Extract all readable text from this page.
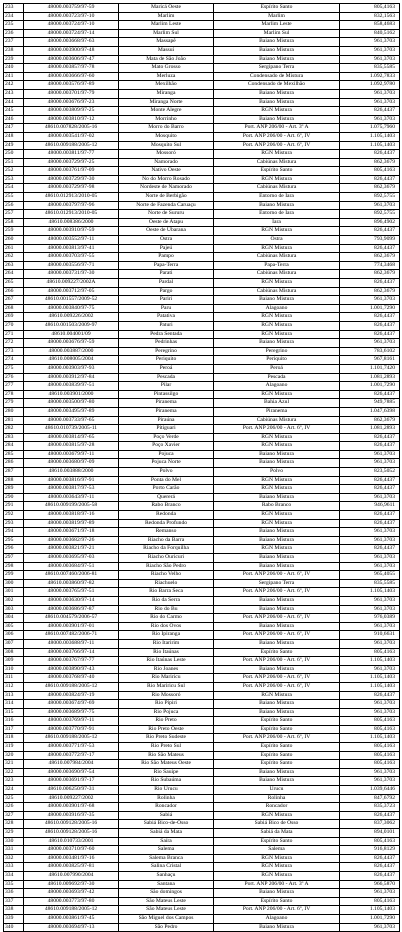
233	48000.003759/97-59	Maricá Oeste	Espírito Santo	805,4163
234	48000.003723/97-10	Marlim	Marlim	832,1563
235	48000.003724/97-10	Marlim Leste	Marlim Leste	858,4683
236	48000.003724/97-14	Marlim Sul	Marlim Sul	840,5162
237	48000.003668/97-63	Massapê	Baiano Mistura	961,3703
238	48000.003900/97-48	Massuí	Baiano Mistura	961,3703
239	48000.003606/97-47	Mata de São João	Baiano Mistura	961,3703
240	48000.003857/97-78	Mato Grosso	Sergipano Terra	835,5585
241	48000.003666/97-60	Merluza	Condensado de Mistura	1.092,7833
242	48000.003576/97-89	Mexilhão	Condensado de Mexilhão	1.092,9780
243	48000.003701/97-79	Miranga	Baiano Mistura	961,3703
244	48000.003676/97-23	Miranga Norte	Baiano Mistura	961,3703
245	48000.003809/97-25	Monte Alegre	RGN Mistura	826,4437
246	48000.003810/97-12	Morrinho	Baiano Mistura	961,3703
247	48610.007828/2005-16	Morro do Barro	Port. ANP 206/00 - Art. 3º A	1.075,7960
248	48000.003541/97-02	Mosquito	Port. ANP 206/00 - Art. 6º, IV	1.105,1403
249	48610.009188/2005-12	Mosquito Sul	Port. ANP 206/00 - Art. 6º, IV	1.105,1403
250	48000.003811/97-77	Mossoró	RGN Mistura	826,4437
251	48000.003729/97-25	Namorado	Cabiúnas Mistura	862,3679
252	48000.003761/97-09	Nativo Oeste	Espírito Santo	805,4163
253	48000.003729/97-30	No do Morro Rosado	RGN Mistura	826,4437
254	48000.003729/97-98	Nordeste de Namorado	Cabiúnas Mistura	862,3679
255	48610.012913/2010-05	Norte de Berbigão	Entorno de Iara	892,5755
256	48000.003797/97-96	Norte de Fazenda Caruaçu	Baiano Mistura	961,3703
257	48610.012913/2010-05	Norte de Sururu	Entorno de Iara	892,5755
258	48610.008386/2000	Oeste de Atapu	Iara	896,4902
259	48000.003910/97-59	Oeste de Ubarana	RGN Mistura	826,4437
260	48000.003552/97-11	Ostra	Ostra	793,9099
261	48000.003813/97-41	Pajeú	RGN Mistura	826,4437
262	48000.003703/97-55	Pampo	Cabiúnas Mistura	862,3679
263	48000.003556/97-71	Papa-Terra	Papa-Terra	774,3468
264	48000.003731/97-30	Parati	Cabiúnas Mistura	862,3679
265	48610.009227/2002A	Pardal	RGN Mistura	826,4437
266	48000.003712/97-05	Pargo	Cabiúnas Mistura	862,3679
267	48610.001557/2009-52	Pariri	Baiano Mistura	961,3703
268	48000.003840/97-75	Paru	Alagoano	1.001,7290
269	48610.009226/2002	Patativa	RGN Mistura	826,4437
270	48610.001503/2009-97	Paturi	RGN Mistura	826,4437
271	48610.004001/09	Pedra Sentada	RGN Mistura	826,4437
272	48000.003676/97-59	Pedrinhas	Baiano Mistura	961,3703
273	48000.003887/2000	Peregrino	Peregrino	783,6102
274	48610.008005/2004	Periquito	Periquito	967,8161
275	48000.003903/97-93	Peroá	Peroá	1.101,7420
276	48000.003912/97-84	Pescada	Pescada	1.081,2893
277	48000.003839/97-51	Pilar	Alagoano	1.001,7290
278	48610.003901/2000	Pintassilgo	RGN Mistura	826,4437
279	48000.003500/97-80	Piranema	Bahia Azul	949,7885
280	48000.003495/97-89	Piranema	Piranema	1.047,6398
281	48000.003733/97-65	Piraúna	Cabiúnas Mistura	862,3679
282	48610.010739/2005-11	Pitiguari	Port. ANP 206/00 - Art. 6º, IV	1.081,2893
283	48000.003814/97-65	Poço Verde	RGN Mistura	826,4437
284	48000.003815/97-28	Poço Xavier	RGN Mistura	826,4437
285	48000.003679/97-11	Pojuca	Baiano Mistura	961,3703
286	48000.003680/97-09	Pojuca Norte	Baiano Mistura	961,3703
287	48610.003888/2000	Polvo	Polvo	823,5052
288	48000.003816/97-91	Ponta do Mel	RGN Mistura	826,4437
289	48000.003817/97-53	Porto Carão	RGN Mistura	826,4437
290	48000.003643/97-11	Quererá	Baiano Mistura	961,3703
291	48610.009199/2005-58	Rabo Branco	Rabo Branco	946,9611
292	48000.003818/97-16	Redonda	RGN Mistura	826,4437
293	48000.003819/97-89	Redonda Profundo	RGN Mistura	826,4437
294	48000.003671/97-18	Remanso	Baiano Mistura	961,3703
295	48000.003682/97-26	Riacho da Barra	Baiano Mistura	961,3703
296	48000.003821/97-21	Riacho da Forquilha	RGN Mistura	826,4437
297	48000.003695/97-03	Riacho Ouricuri	Baiano Mistura	961,3703
298	48000.003684/97-51	Riacho São Pedro	Baiano Mistura	961,3703
299	48610.007460/2006-81	Riacho Velho	Port. ANP 206/00 - Art. 6º, IV	965,4055
300	48610.003860/97-82	Riachuelo	Sergipano Terra	835,5585
301	48000.003765/97-51	Rio Barra Seca	Port. ANP 206/00 - Art. 6º, IV	1.105,1403
302	48000.003630/97-14	Rio da Serra	Baiano Mistura	961,3703
303	48000.003686/97-87	Rio do Bu	Baiano Mistura	961,3703
304	48610.004579/2006-57	Rio do Carmo	Port. ANP 206/00 - Art. 6º, IV	976,0389
305	48000.003901/97-01	Rio dos Ovos	Baiano Mistura	961,3703
306	48610.007482/2006-71	Rio Ipiranga	Port. ANP 206/00 - Art. 6º, IV	910,6631
307	48000.003688/97-11	Rio Itaririm	Baiano Mistura	961,3703
308	48000.003766/97-14	Rio Itaúnas	Espírito Santo	805,4163
309	48000.003767/97-77	Rio Itaúnas Leste	Port. ANP 206/00 - Art. 6º, IV	1.105,1403
310	48000.003890/97-43	Rio Joanes	Baiano Mistura	961,3703
311	48000.003768/97-40	Rio Mariricu	Port. ANP 206/00 - Art. 6º, IV	1.105,1403
312	48610.009188/2005-12	Rio Mariricu Sul	Port. ANP 206/00 - Art. 6º, IV	1.105,1403
313	48000.003824/97-19	Rio Mossoró	RGN Mistura	826,4437
314	48000.003674/97-69	Rio Pipiri	Baiano Mistura	961,3703
315	48000.003689/97-75	Rio Pojuca	Baiano Mistura	961,3703
316	48000.003769/97-11	Rio Preto	Espírito Santo	805,4163
317	48000.003770/97-91	Rio Preto Oeste	Espírito Santo	805,4163
318	48610.009188/2005-12	Rio Preto Sudeste	Port. ANP 206/00 - Art. 6º, IV	1.105,1403
319	48000.003771/97-53	Rio Preto Sul	Espírito Santo	805,4163
320	48000.003772/97-17	Rio São Mateus	Espírito Santo	805,4163
321	48610.007984/2004	Rio São Mateus Oeste	Espírito Santo	805,4163
322	48000.003690/97-54	Rio Sauipe	Baiano Mistura	961,3703
323	48000.003691/97-17	Rio Subaúma	Baiano Mistura	961,3703
324	48610.006250/97-31	Rio Urucu	Urucu	1.039,6446
325	48610.009227/2002	Rolinha	Rolinha	847,6792
326	48000.003901/97-68	Roncador	Roncador	835,3723
327	48000.003916/97-35	Sabiá	RGN Mistura	826,4437
328	48610.009128/2005-16	Sabiá Bico-de-Osso	Sabiá Bico de Osso	837,3062
329	48610.009128/2005-16	Sabiá da Mata	Sabiá da Mata	894,0101
330	48610.010733/2001	Saíra	Espírito Santo	805,4163
331	48000.003710/97-60	Salema	Salema	916,8129
332	48000.003481/97-16	Salema Branca	RGN Mistura	826,4437
333	48000.003825/97-81	Salina Cristal	RGN Mistura	826,4437
334	48610.007990/2004	Sanhaçu	RGN Mistura	826,4437
335	48610.009692/97-30	Santana	Port. ANP 206/00 - Art. 3º A	966,5870
336	48000.003693/97-42	São domingos	Baiano Mistura	961,3703
337	48000.003773/97-80	São Mateus Leste	Espírito Santo	805,4163
338	48610.009188/2005-12	São Mateus Leste	Port. ANP 206/00 - Art. 6º, IV	1.105,1403
339	48000.003861/97-45	São Miguel dos Campos	Alagoano	1.001,7290
340	48000.003694/97-13	São Pedro	Baiano Mistura	961,3703
